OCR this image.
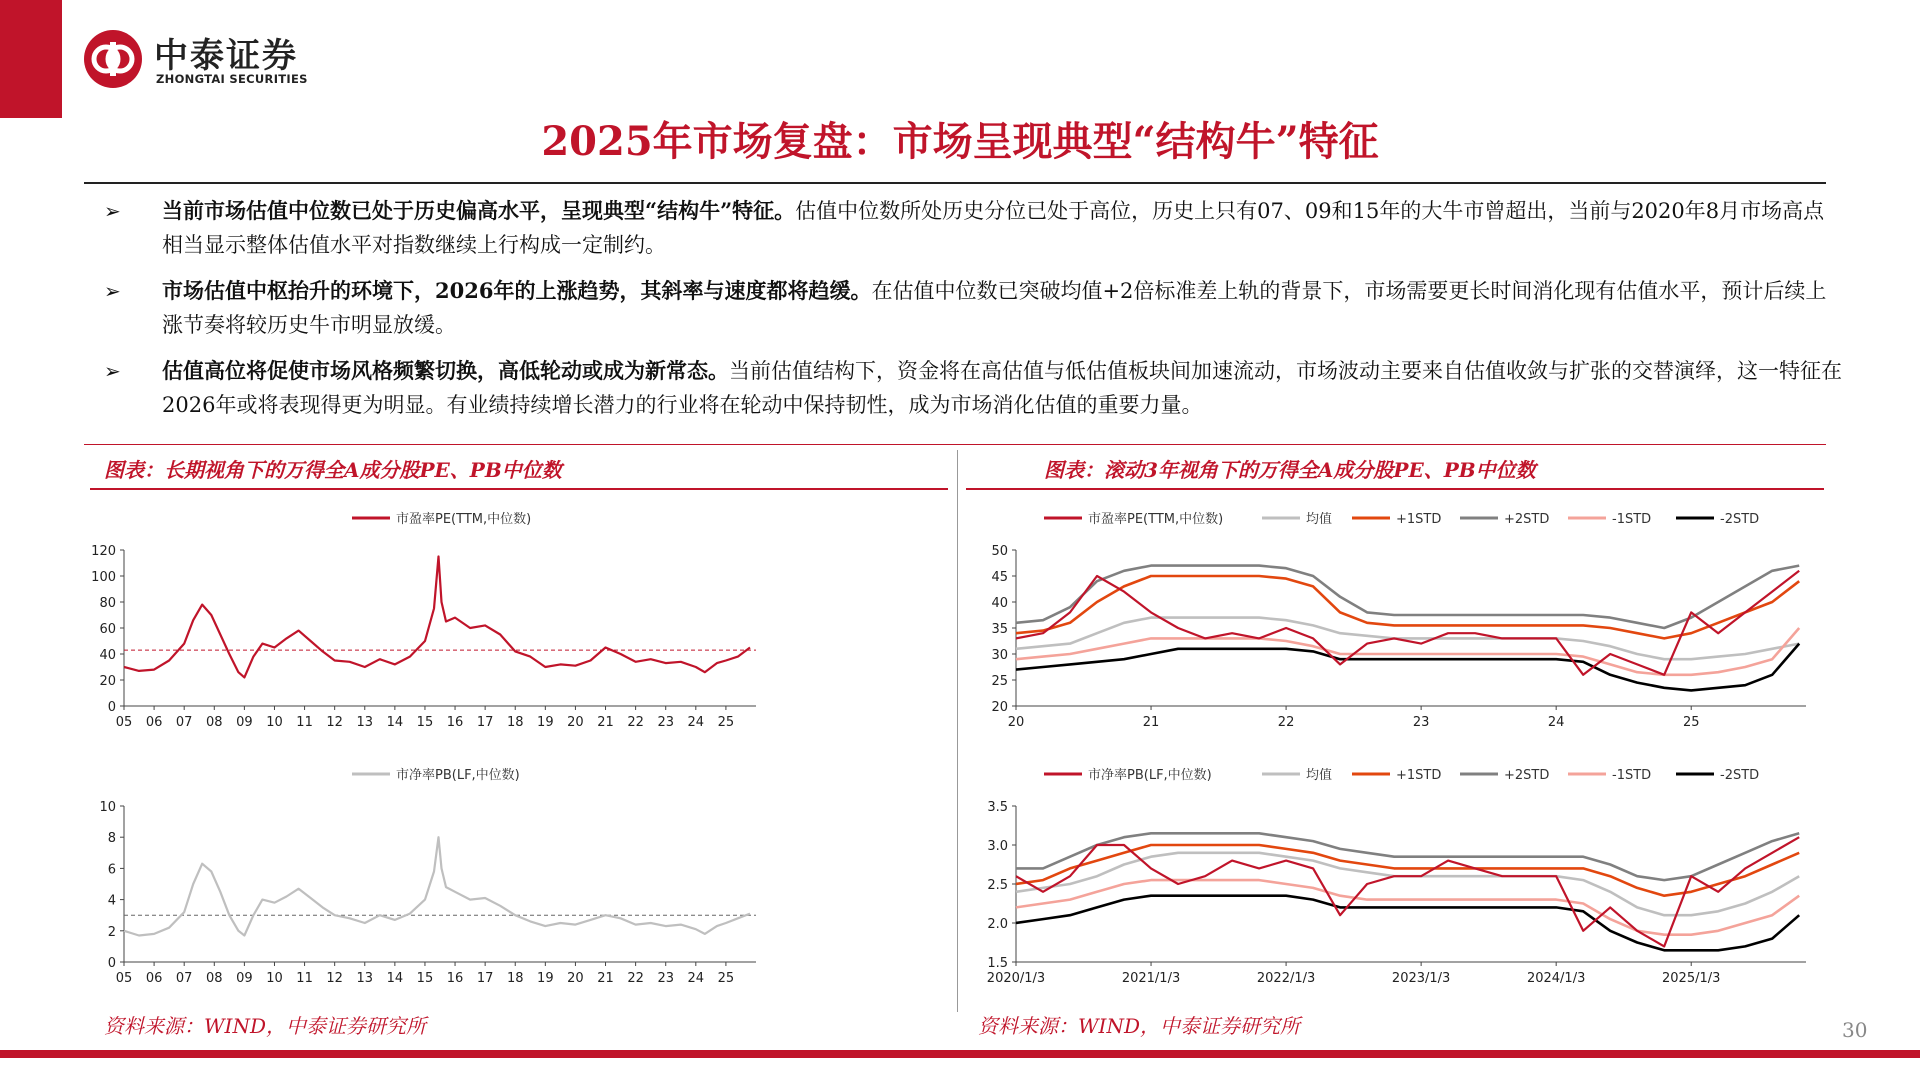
中泰证券
ZHONGTAI SECURITIES
2025年市场复盘：市场呈现典型“结构牛”特征
➢ 当前市场估值中位数已处于历史偏高水平，呈现典型“结构牛”特征。估值中位数所处历史分位已处于高位，历史上只有07、09和15年的大牛市曾超出，当前与2020年8月市场高点相当显示整体估值水平对指数继续上行构成一定制约。
➢ 市场估值中枢抬升的环境下，2026年的上涨趋势，其斜率与速度都将趋缓。在估值中位数已突破均值+2倍标准差上轨的背景下，市场需要更长时间消化现有估值水平，预计后续上涨节奏将较历史牛市明显放缓。
➢ 估值高位将促使市场风格频繁切换，高低轮动或成为新常态。当前估值结构下，资金将在高估值与低估值板块间加速流动，市场波动主要来自估值收敛与扩张的交替演绎，这一特征在2026年或将表现得更为明显。有业绩持续增长潜力的行业将在轮动中保持韧性，成为市场消化估值的重要力量。
图表：长期视角下的万得全A成分股PE、PB中位数	图表：滚动3年视角下的万得全A成分股PE、PB中位数
市盈率PE(TTM,中位数)
0
20
40
60
80
100
120
05 06 07 08 09 10 11 12 13 14 15 16 17 18 19 20 21 22 23 24 25
市净率PB(LF,中位数)
0
2
4
6
8
10
05 06 07 08 09 10 11 12 13 14 15 16 17 18 19 20 21 22 23 24 25
市盈率PE(TTM,中位数)	均值	+1STD	+2STD	-1STD	-2STD
20
25
30
35
40
45
50
20	21	22	23	24	25
市净率PB(LF,中位数)	均值	+1STD	+2STD	-1STD	-2STD
1.5
2.0
2.5
3.0
3.5
2020/1/3	2021/1/3	2022/1/3	2023/1/3	2024/1/3	2025/1/3
资料来源：WIND，中泰证券研究所	资料来源：WIND，中泰证券研究所	30
